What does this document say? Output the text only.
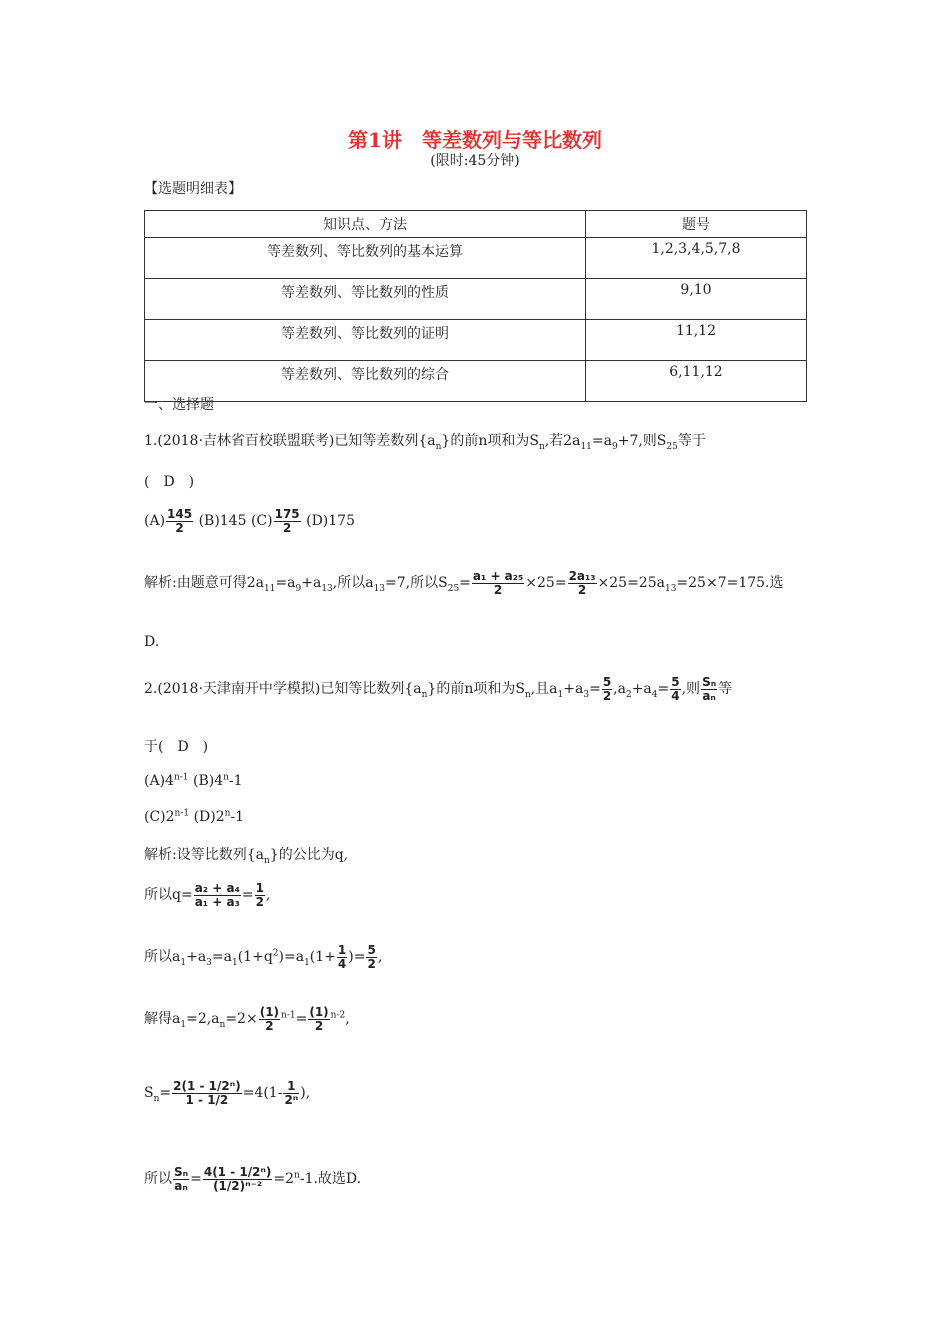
第1讲　等差数列与等比数列
(限时:45分钟)
【选题明细表】
知识点、方法	题号
等差数列、等比数列的基本运算	1,2,3,4,5,7,8
等差数列、等比数列的性质	9,10
等差数列、等比数列的证明	11,12
等差数列、等比数列的综合	6,11,12
一、选择题
1.(2018·吉林省百校联盟联考)已知等差数列$\{a_n\}$的前n项和为$S_n$,若$2a_{11}=a_9+7$,则$S_{25}$等于
(　D　)
$(A) \frac{145}{2} (B)145$ $(C) \frac{175}{2} (D)175$
解析:由题意可得$2a_{11}=a_9+a_{13}$,所以$a_{13}=7$,所以$S_{25}= \frac{\text{a₁ + a₂₅}}{2} \times 25= \frac{\text{2a₁₃}}{2} \times 25=25a_{13}=25\times 7=175$.选
D.
2.(2018·天津南开中学模拟)已知等比数列$\{a_n\}$的前n项和为$S_n$,且$a_1+a_3= \frac{5}{2} ,a_2+a_4= \frac{5}{4}$ ,则 $\frac{\text{Sₙ}}{\text{aₙ}}$ 等
于(　D　)
(A)4$^{n-1}$ (B)4$^n$-1
(C)2$^{n-1}$ (D)2$^n$-1
解析:设等比数列$\{a_n\}$的公比为q,
所以$q= \frac{\text{a₂ + a₄}}{\text{a₁ + a₃}} = \frac{1}{2}$ ,
所以$a_1+a_3=a_1(1+q^2)=a_1(1+ \frac{1}{4}$ )= $\frac{5}{2}$ ,
解得$a_1=2,a_n=2\times \frac{(1)}{2} ^{n-1}= \frac{(1)}{2} ^{n-2}$,
$S_n= \frac{\text{2(1 - 1/2ⁿ)}}{1 - 1/2} =4(1- \frac{1}{\text{2ⁿ}}$ ),
所以 $\frac{\text{Sₙ}}{\text{aₙ}} = \frac{\text{4(1 - 1/2ⁿ)}}{\text{(1/2)ⁿ⁻²}} =2^n-1$.故选D.
